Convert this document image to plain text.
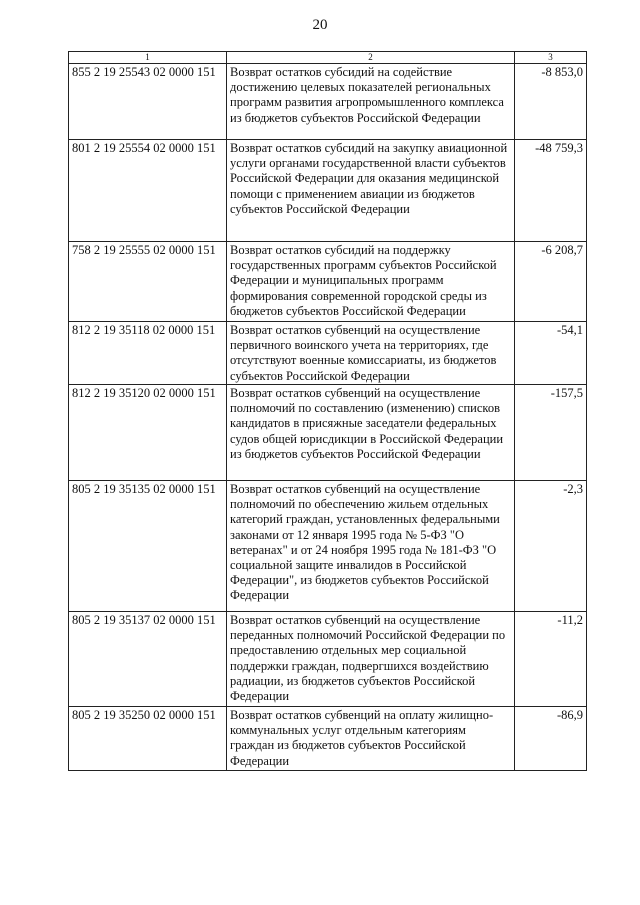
20
1	2	3
855 2 19 25543 02 0000 151	Возврат остатков субсидий на содействие достижению целевых показателей региональных программ развития агропромышленного комплекса из бюджетов субъектов Российской Федерации	-8 853,0
801 2 19 25554 02 0000 151	Возврат остатков субсидий на закупку авиационной услуги органами государственной власти субъектов Российской Федерации для оказания медицинской помощи с применением авиации из бюджетов субъектов Российской Федерации	-48 759,3
758 2 19 25555 02 0000 151	Возврат остатков субсидий на поддержку государственных программ субъектов Российской Федерации и муниципальных программ формирования современной городской среды из бюджетов субъектов Российской Федерации	-6 208,7
812 2 19 35118 02 0000 151	Возврат остатков субвенций на осуществление первичного воинского учета на территориях, где отсутствуют военные комиссариаты, из бюджетов субъектов Российской Федерации	-54,1
812 2 19 35120 02 0000 151	Возврат остатков субвенций на осуществление полномочий по составлению (изменению) списков кандидатов в присяжные заседатели федеральных судов общей юрисдикции в Российской Федерации из бюджетов субъектов Российской Федерации	-157,5
805 2 19 35135 02 0000 151	Возврат остатков субвенций на осуществление полномочий по обеспечению жильем отдельных категорий граждан, установленных федеральными законами от 12 января 1995 года № 5-ФЗ "О ветеранах" и от 24 ноября 1995 года № 181-ФЗ "О социальной защите инвалидов в Российской Федерации", из бюджетов субъектов Российской Федерации	-2,3
805 2 19 35137 02 0000 151	Возврат остатков субвенций на осуществление переданных полномочий Российской Федерации по предоставлению отдельных мер социальной поддержки граждан, подвергшихся воздействию радиации, из бюджетов субъектов Российской Федерации	-11,2
805 2 19 35250 02 0000 151	Возврат остатков субвенций на оплату жилищно-коммунальных услуг отдельным категориям граждан из бюджетов субъектов Российской Федерации	-86,9
